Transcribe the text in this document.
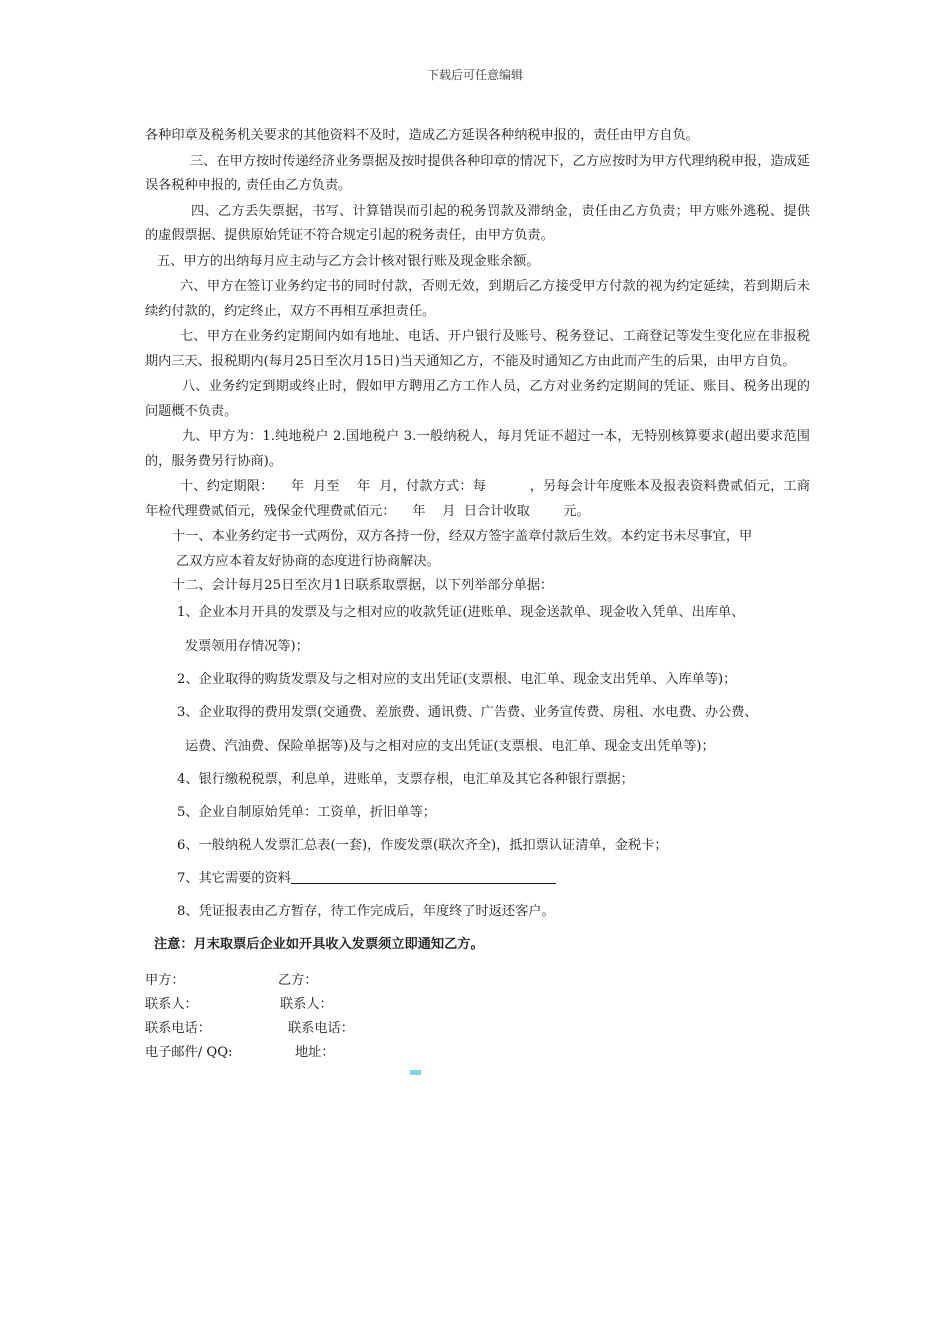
下载后可任意编辑

各种印章及税务机关要求的其他资料不及时，造成乙方延误各种纳税申报的，责任由甲方自负。

三、在甲方按时传递经济业务票据及按时提供各种印章的情况下，乙方应按时为甲方代理纳税申报，造成延误各税种申报的, 责任由乙方负责。

四、乙方丢失票据，书写、计算错误而引起的税务罚款及滞纳金，责任由乙方负责；甲方账外逃税、提供的虚假票据、提供原始凭证不符合规定引起的税务责任，由甲方负责。

五、甲方的出纳每月应主动与乙方会计核对银行账及现金账余额。

六、甲方在签订业务约定书的同时付款，否则无效，到期后乙方接受甲方付款的视为约定延续，若到期后未续约付款的，约定终止，双方不再相互承担责任。

七、甲方在业务约定期间内如有地址、电话、开户银行及账号、税务登记、工商登记等发生变化应在非报税期内三天、报税期内(每月25日至次月15日)当天通知乙方，不能及时通知乙方由此而产生的后果，由甲方自负。

八、业务约定到期或终止时，假如甲方聘用乙方工作人员，乙方对业务约定期间的凭证、账目、税务出现的问题概不负责。

九、甲方为：1.纯地税户 2.国地税户 3.一般纳税人，每月凭证不超过一本，无特别核算要求(超出要求范围的，服务费另行协商)。

十、约定期限：    年  月至    年  月，付款方式：每          ，另每会计年度账本及报表资料费贰佰元，工商年检代理费贰佰元，残保金代理费贰佰元：    年    月  日合计收取        元。

十一、本业务约定书一式两份，双方各持一份，经双方签字盖章付款后生效。本约定书未尽事宜，甲

乙双方应本着友好协商的态度进行协商解决。

十二、会计每月25日至次月1日联系取票据，以下列举部分单据：

1、企业本月开具的发票及与之相对应的收款凭证(进账单、现金送款单、现金收入凭单、出库单、

发票领用存情况等)；

2、企业取得的购货发票及与之相对应的支出凭证(支票根、电汇单、现金支出凭单、入库单等)；

3、企业取得的费用发票(交通费、差旅费、通讯费、广告费、业务宣传费、房租、水电费、办公费、

运费、汽油费、保险单据等)及与之相对应的支出凭证(支票根、电汇单、现金支出凭单等)；

4、银行缴税税票，利息单，进账单，支票存根，电汇单及其它各种银行票据；

5、企业自制原始凭单：工资单，折旧单等；

6、一般纳税人发票汇总表(一套)，作废发票(联次齐全)，抵扣票认证清单，金税卡；

7、其它需要的资料

8、凭证报表由乙方暂存，待工作完成后，年度终了时返还客户。

注意：月末取票后企业如开具收入发票须立即通知乙方。

甲方：	乙方：
联系人：	联系人：
联系电话：	联系电话：
电子邮件/ QQ:	地址：
